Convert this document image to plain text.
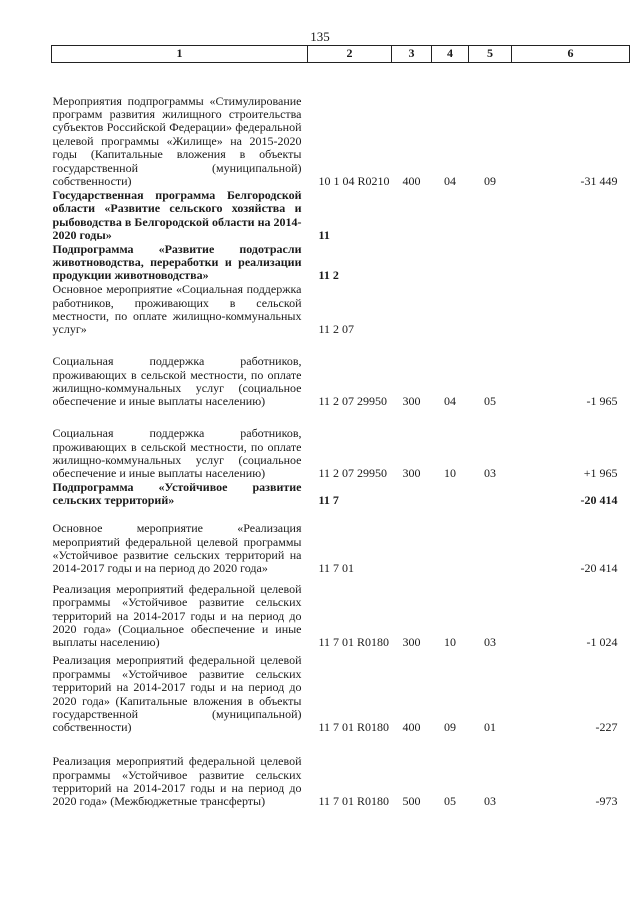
135
1	2	3	4	5	6
Мероприятия подпрограммы «Стимулирование программ развития жилищного строительства субъектов Российской Федерации» федеральной целевой программы «Жилище» на 2015-2020 годы (Капитальные вложения в объекты государственной (муниципальной) собственности)	10 1 04 R0210	400	04	09	-31 449
Государственная программа Белгородской области «Развитие сельского хозяйства и рыбоводства в Белгородской области на 2014-2020 годы»	11				
Подпрограмма «Развитие подотрасли животноводства, переработки и реализации продукции животноводства»	11 2				
Основное мероприятие «Социальная поддержка работников, проживающих в сельской местности, по оплате жилищно-коммунальных услуг»	11 2 07				
Социальная поддержка работников, проживающих в сельской местности, по оплате жилищно-коммунальных услуг (социальное обеспечение и иные выплаты населению)	11 2 07 29950	300	04	05	-1 965
Социальная поддержка работников, проживающих в сельской местности, по оплате жилищно-коммунальных услуг (социальное обеспечение и иные выплаты населению)	11 2 07 29950	300	10	03	+1 965
Подпрограмма «Устойчивое развитие сельских территорий»	11 7				-20 414
Основное мероприятие «Реализация мероприятий федеральной целевой программы «Устойчивое развитие сельских территорий на 2014-2017 годы и на период до 2020 года»	11 7 01				-20 414
Реализация мероприятий федеральной целевой программы «Устойчивое развитие сельских территорий на 2014-2017 годы и на период до 2020 года» (Социальное обеспечение и иные выплаты населению)	11 7 01 R0180	300	10	03	-1 024
Реализация мероприятий федеральной целевой программы «Устойчивое развитие сельских территорий на 2014-2017 годы и на период до 2020 года» (Капитальные вложения в объекты государственной (муниципальной) собственности)	11 7 01 R0180	400	09	01	-227
Реализация мероприятий федеральной целевой программы «Устойчивое развитие сельских территорий на 2014-2017 годы и на период до 2020 года» (Межбюджетные трансферты)	11 7 01 R0180	500	05	03	-973
